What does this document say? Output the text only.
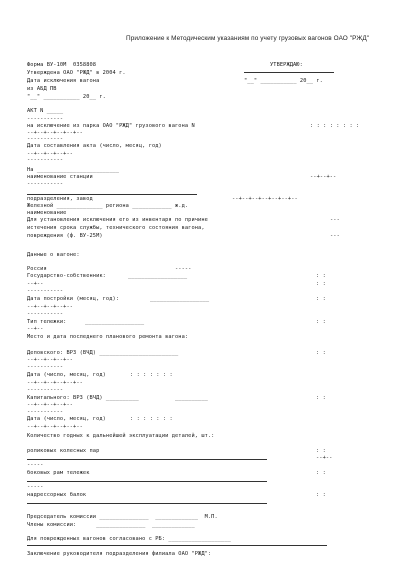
Приложение к Методическим указаниям по учету грузовых вагонов ОАО "РЖД"
Форма ВУ-10М  0358808
Утверждена ОАО "РЖД" в 2004 г.
Дата исключения вагона
из АБД ПВ
"__" ___________ 20__ г.
УТВЕРЖДАЮ:
"__" ___________ 20__ г.
АКТ N _____
-----------
на исключение из парка ОАО "РЖД" грузового вагона N	: : : : : : : :
--+--+--+--+--+--
-----------
Дата составления акта (число, месяц, год)
--+--+--+--+--
-----------
На _________________________
наименование станции	--+--+--
-----------
подразделения, завод	--+--+--+--+--+--+--
Железной ______________ региона ____________ ж.д.
наименование
Для установления исключения его из инвентаря по причине	---
истечения срока службы, технического состояния вагона,
повреждения (ф. ВУ-25М)	---
Данные о вагоне:
Россия	-----
Государство-собственник:	__________________	: :
--+--	: :
-----------
Дата постройки (месяц, год):	__________________	: :
--+--+--+--+--
-----------
Тип тележки:	__________________	: :
--+--
Место и дата последнего планового ремонта вагона:
Деповского: ВРЗ (ВЧД) ________________________	: :
--+--+--+--+--
-----------
Дата (число, месяц, год)	: : : : : : :
--+--+--+--+--+--
-----------
Капитального: ВРЗ (ВЧД) __________           __________	: :
--+--+--+--+--
-----------
Дата (число, месяц, год)	: : : : : : :
--+--+--+--+--+--
Количество годных к дальнейшей эксплуатации деталей, шт.:
роликовых колесных пар	: :
--+--
-----
боковых рам тележек	: :
-----
надрессорных балок	: :
Председатель комиссии _______________  _____________  М.П.
Члены комиссии:      _______________  _____________
Для поврежденных вагонов согласовано с РБ: ___________________
Заключение руководителя подразделения филиала ОАО "РЖД":
